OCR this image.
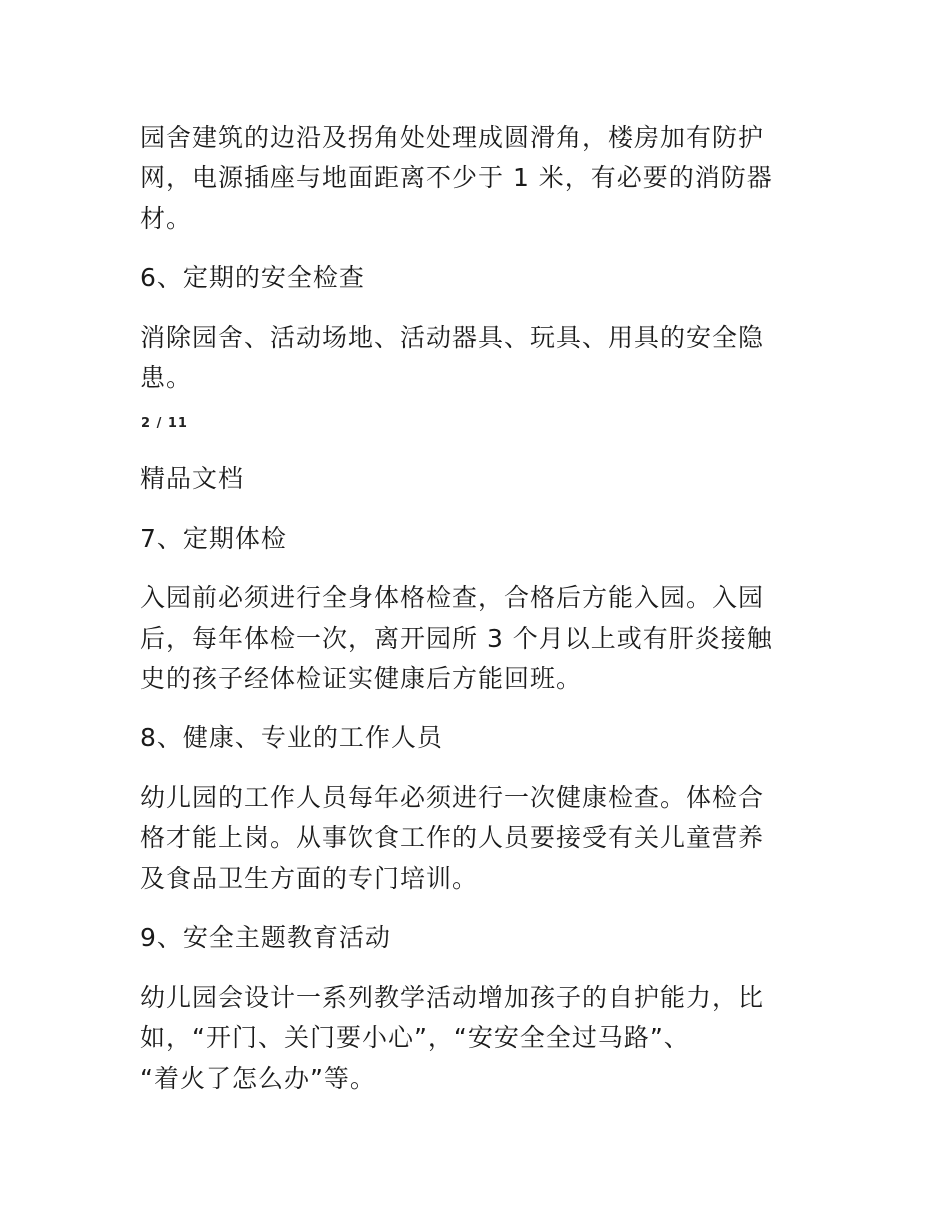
园舍建筑的边沿及拐角处处理成圆滑角，楼房加有防护
网，电源插座与地面距离不少于 1 米，有必要的消防器
材。
6、定期的安全检查
消除园舍、活动场地、活动器具、玩具、用具的安全隐
患。
2 / 11
精品文档
7、定期体检
入园前必须进行全身体格检查，合格后方能入园。入园
后，每年体检一次，离开园所 3 个月以上或有肝炎接触
史的孩子经体检证实健康后方能回班。
8、健康、专业的工作人员
幼儿园的工作人员每年必须进行一次健康检查。体检合
格才能上岗。从事饮食工作的人员要接受有关儿童营养
及食品卫生方面的专门培训。
9、安全主题教育活动
幼儿园会设计一系列教学活动增加孩子的自护能力，比
如，“开门、关门要小心”，“安安全全过马路”、
“着火了怎么办”等。
